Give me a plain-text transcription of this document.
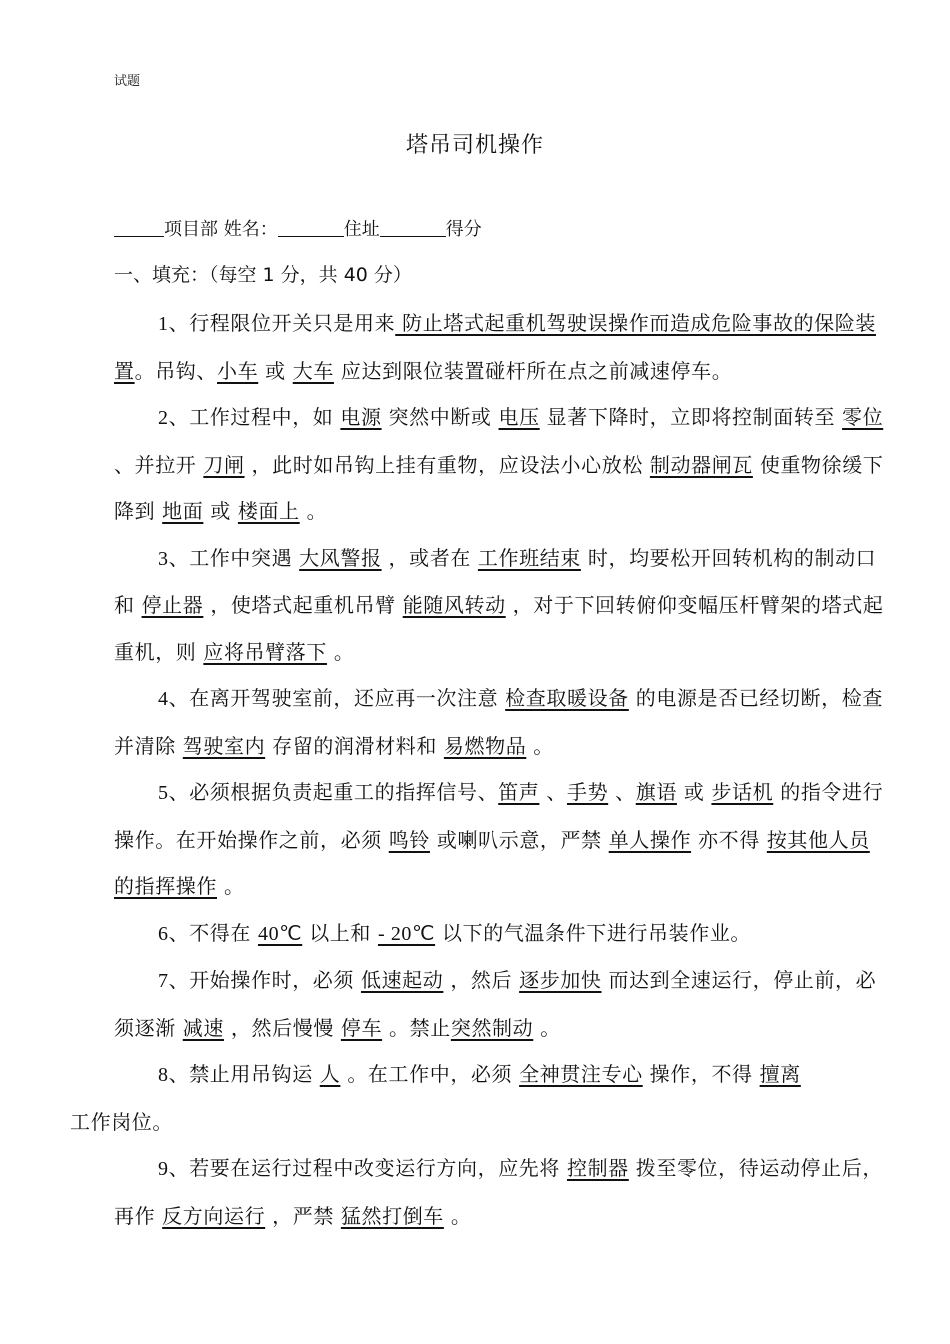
试题
塔吊司机操作
项目部 姓名：	住址	得分
一、填充：（每空 1 分，共 40 分）

1、行程限位开关只是用来 防止塔式起重机驾驶误操作而造成危险事故的保险装置。吊钩、小车 或 大车 应达到限位装置碰杆所在点之前减速停车。

2、工作过程中，如 电源 突然中断或 电压 显著下降时，立即将控制面转至 零位 、并拉开 刀闸 ，此时如吊钩上挂有重物，应设法小心放松 制动器闸瓦 使重物徐缓下降到 地面 或 楼面上 。

3、工作中突遇 大风警报 ，或者在 工作班结束 时，均要松开回转机构的制动口和 停止器 ，使塔式起重机吊臂 能随风转动 ，对于下回转俯仰变幅压杆臂架的塔式起重机，则 应将吊臂落下 。

4、在离开驾驶室前，还应再一次注意 检查取暖设备 的电源是否已经切断，检查并清除 驾驶室内 存留的润滑材料和 易燃物品 。

5、必须根据负责起重工的指挥信号、笛声 、手势 、旗语 或 步话机 的指令进行操作。在开始操作之前，必须 鸣铃 或喇叭示意，严禁 单人操作 亦不得 按其他人员的指挥操作 。

6、不得在 40℃ 以上和 - 20℃ 以下的气温条件下进行吊装作业。

7、开始操作时，必须 低速起动 ，然后 逐步加快 而达到全速运行，停止前，必须逐渐 减速 ，然后慢慢 停车 。禁止突然制动 。

8、禁止用吊钩运 人 。在工作中，必须 全神贯注专心 操作，不得 擅离
工作岗位。

9、若要在运行过程中改变运行方向，应先将 控制器 拨至零位，待运动停止后，再作 反方向运行 ，严禁 猛然打倒车 。
